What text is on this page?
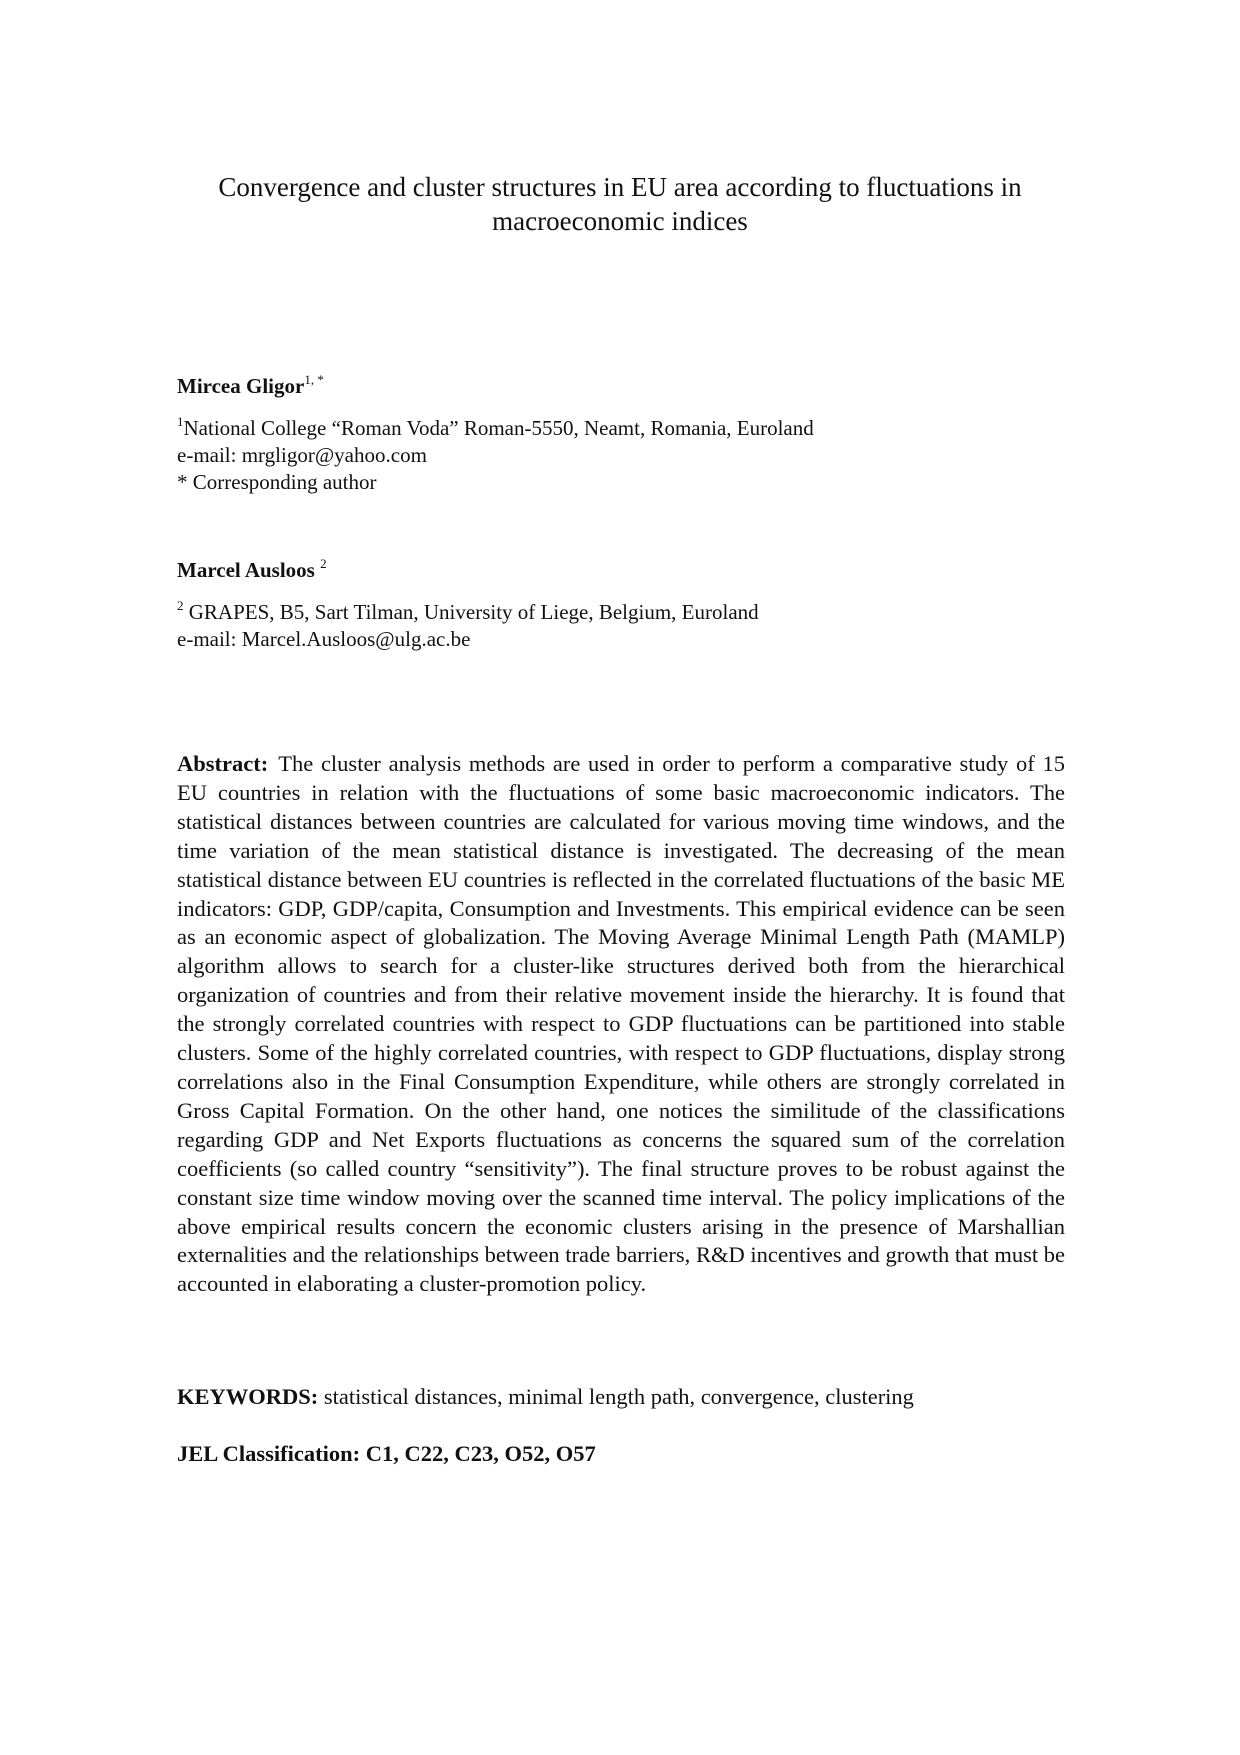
Convergence and cluster structures in EU area according to fluctuations in macroeconomic indices

Mircea Gligor$^{1, *}$

$^1$National College “Roman Voda” Roman-5550, Neamt, Romania, Euroland
e-mail: mrgligor@yahoo.com
* Corresponding author

Marcel Ausloos $^2$

$^2$ GRAPES, B5, Sart Tilman, University of Liege, Belgium, Euroland
e-mail: Marcel.Ausloos@ulg.ac.be

Abstract: The cluster analysis methods are used in order to perform a comparative study of 15 EU countries in relation with the fluctuations of some basic macroeconomic indicators. The statistical distances between countries are calculated for various moving time windows, and the time variation of the mean statistical distance is investigated. The decreasing of the mean statistical distance between EU countries is reflected in the correlated fluctuations of the basic ME indicators: GDP, GDP/capita, Consumption and Investments. This empirical evidence can be seen as an economic aspect of globalization. The Moving Average Minimal Length Path (MAMLP) algorithm allows to search for a cluster-like structures derived both from the hierarchical organization of countries and from their relative movement inside the hierarchy. It is found that the strongly correlated countries with respect to GDP fluctuations can be partitioned into stable clusters. Some of the highly correlated countries, with respect to GDP fluctuations, display strong correlations also in the Final Consumption Expenditure, while others are strongly correlated in Gross Capital Formation. On the other hand, one notices the similitude of the classifications regarding GDP and Net Exports fluctuations as concerns the squared sum of the correlation coefficients (so called country “sensitivity”). The final structure proves to be robust against the constant size time window moving over the scanned time interval. The policy implications of the above empirical results concern the economic clusters arising in the presence of Marshallian externalities and the relationships between trade barriers, R&D incentives and growth that must be accounted in elaborating a cluster-promotion policy.

KEYWORDS: statistical distances, minimal length path, convergence, clustering

JEL Classification: C1, C22, C23, O52, O57
